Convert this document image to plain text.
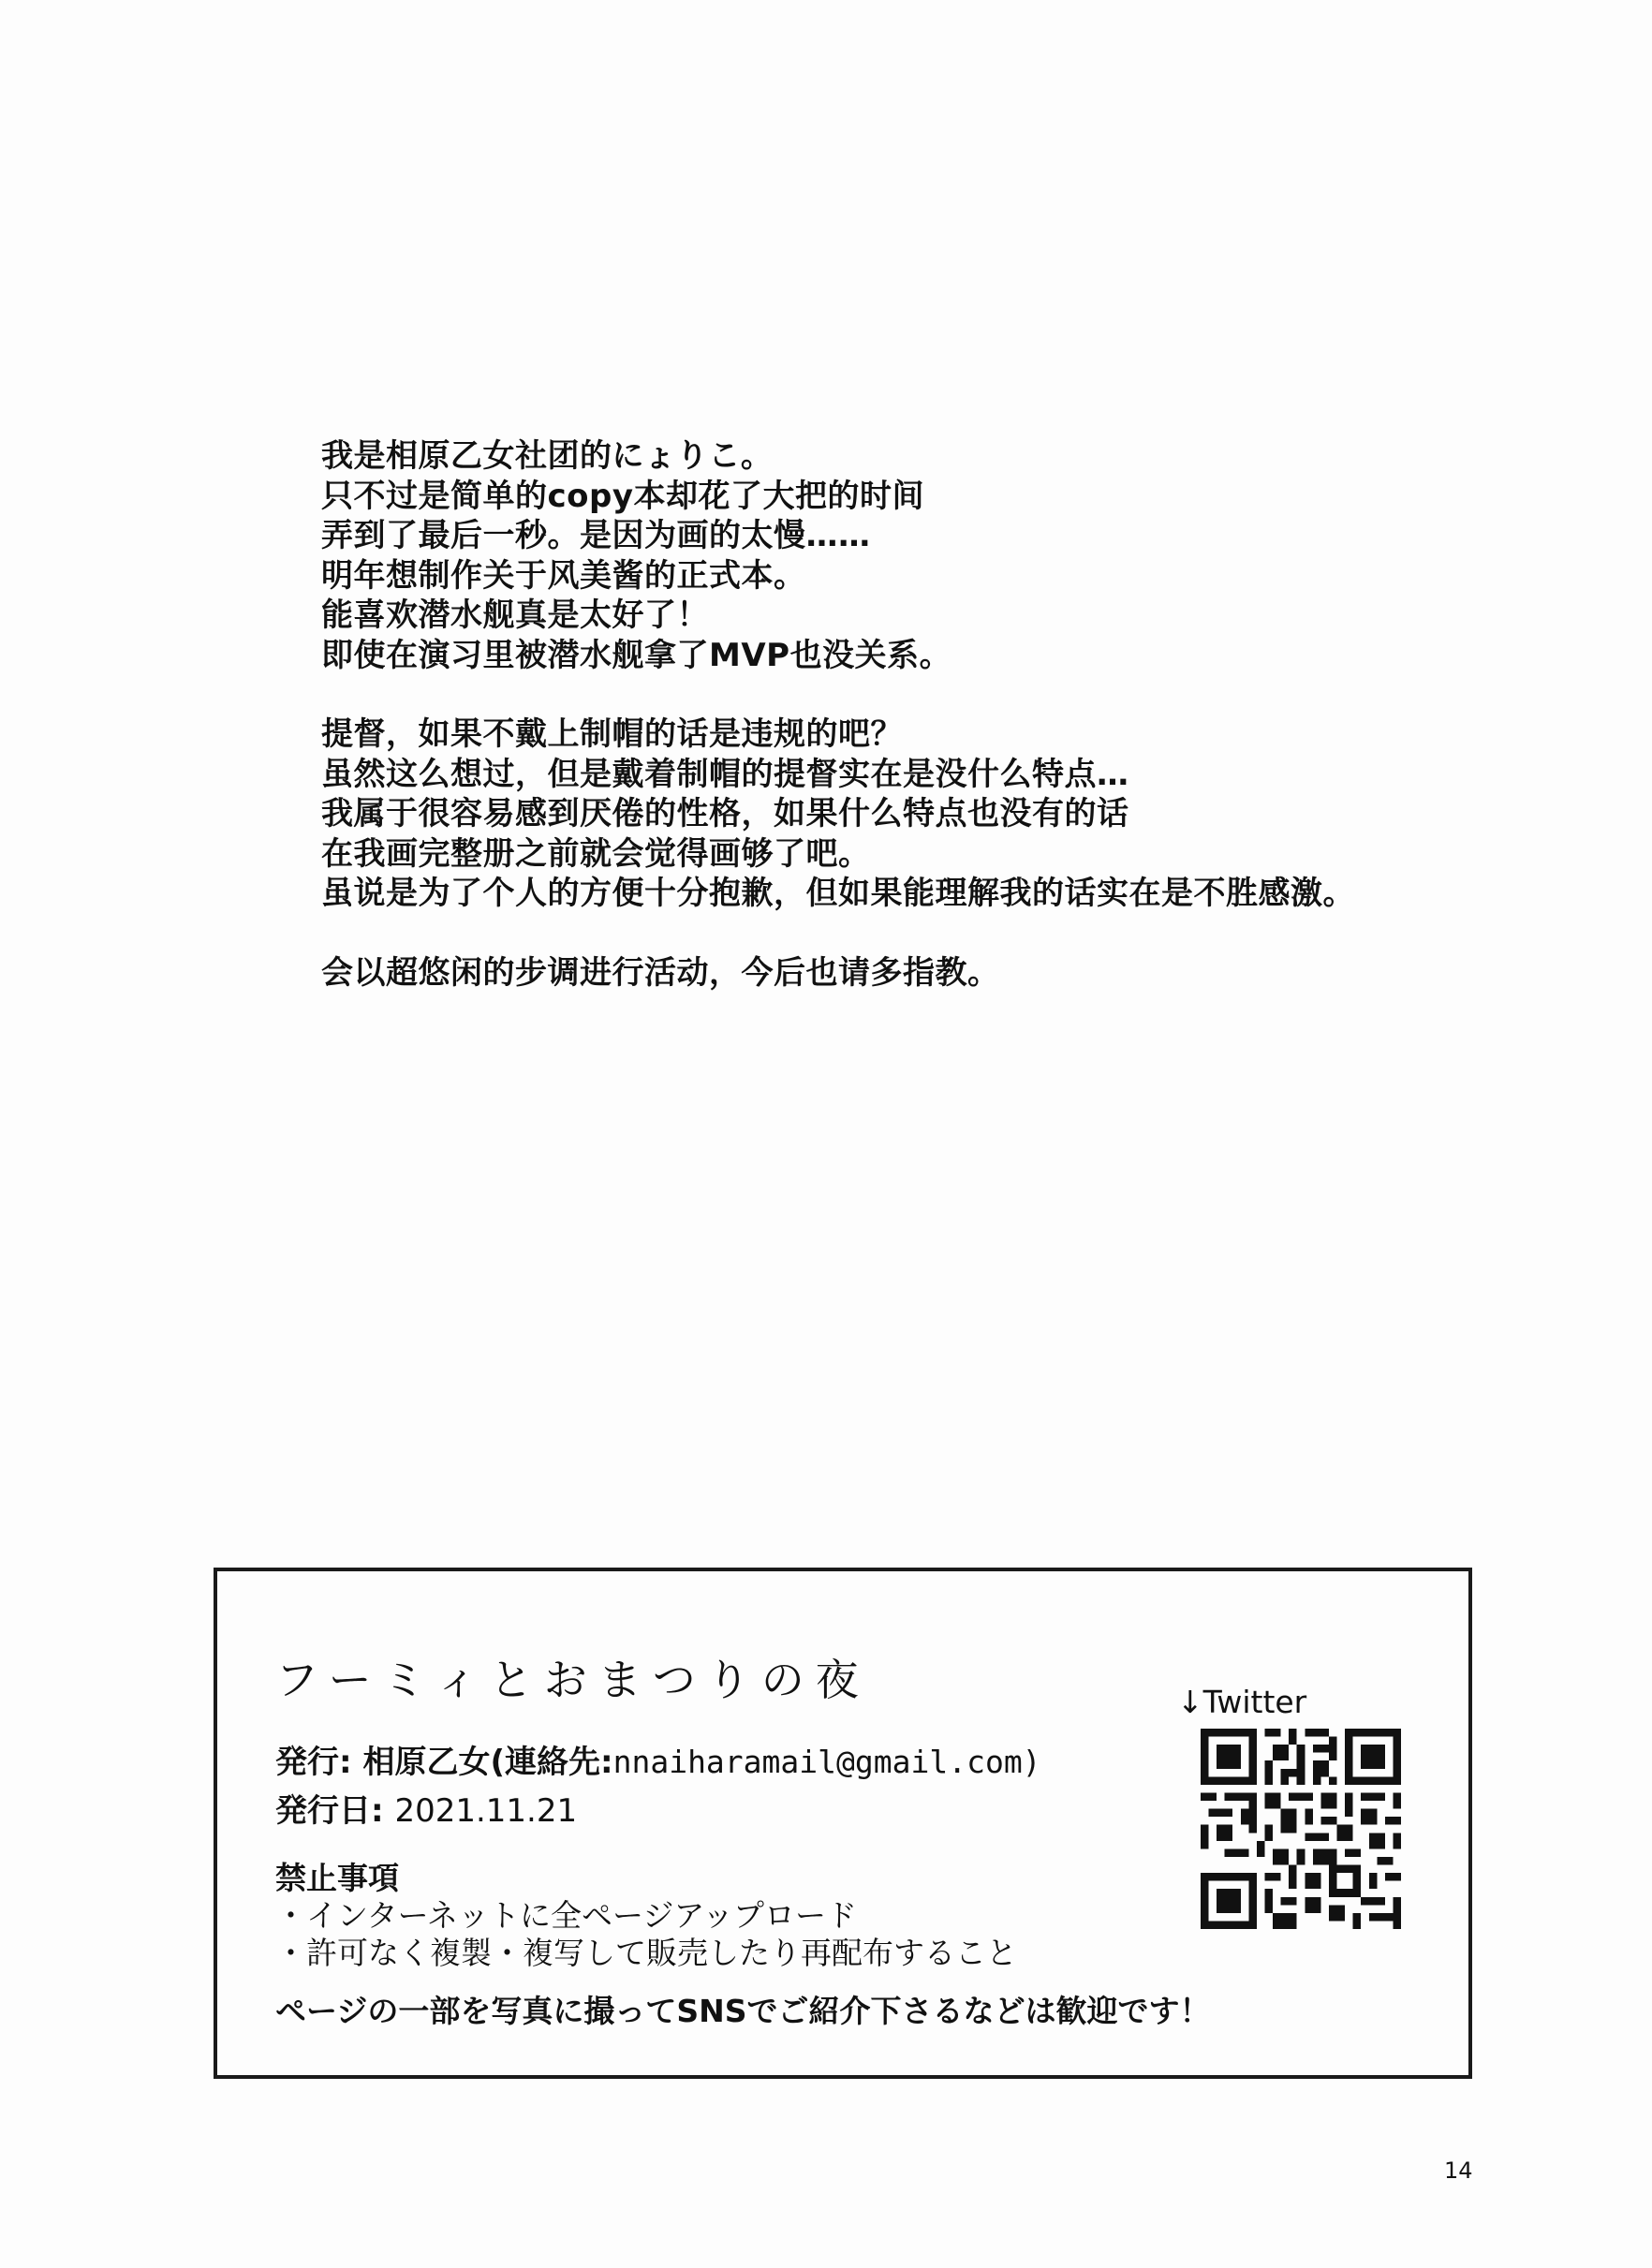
我是相原乙女社团的にょりこ。
只不过是简单的copy本却花了大把的时间
弄到了最后一秒。是因为画的太慢……
明年想制作关于风美酱的正式本。
能喜欢潜水舰真是太好了！
即使在演习里被潜水舰拿了MVP也没关系。
提督，如果不戴上制帽的话是违规的吧？
虽然这么想过，但是戴着制帽的提督实在是没什么特点…
我属于很容易感到厌倦的性格，如果什么特点也没有的话
在我画完整册之前就会觉得画够了吧。
虽说是为了个人的方便十分抱歉，但如果能理解我的话实在是不胜感激。
会以超悠闲的步调进行活动，今后也请多指教。
フーミィとおまつりの夜
発行: 相原乙女(連絡先:nnaiharamail@gmail.com)
発行日: 2021.11.21
禁止事項
・インターネットに全ページアップロード
・許可なく複製・複写して販売したり再配布すること
ページの一部を写真に撮ってSNSでご紹介下さるなどは歓迎です！
↓Twitter
14
